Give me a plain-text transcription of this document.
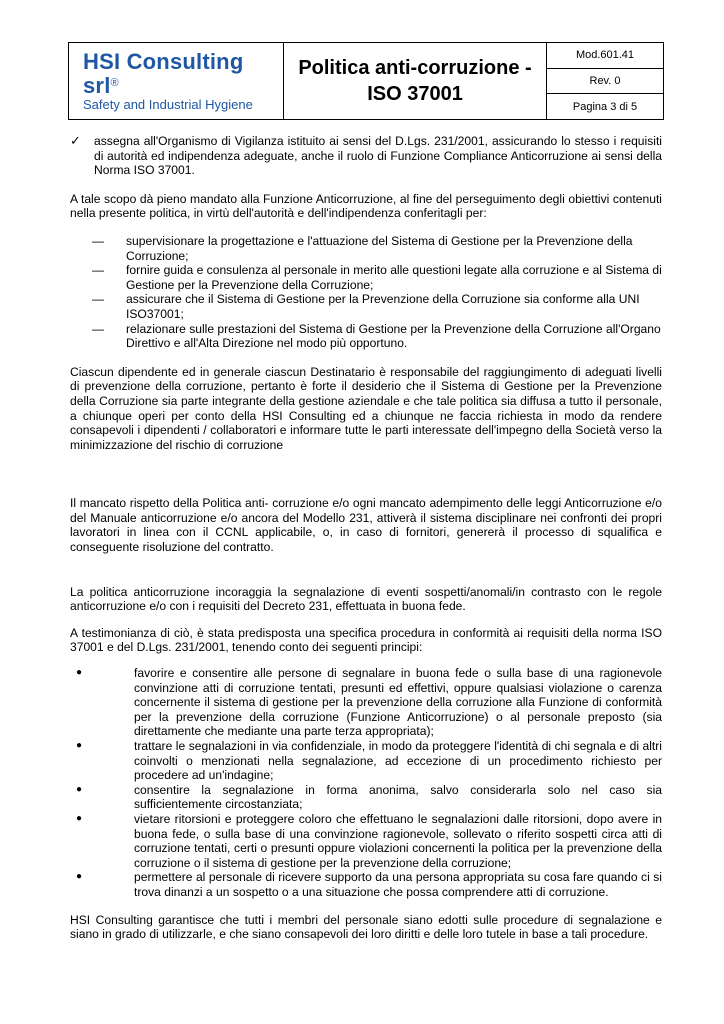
HSI Consulting srl®
Safety and Industrial Hygiene

Politica anti-corruzione -
ISO 37001
	Mod.601.41
Rev. 0
Pagina 3 di 5
✓	assegna all'Organismo di Vigilanza istituito ai sensi del D.Lgs. 231/2001, assicurando lo stesso i requisiti di autorità ed indipendenza adeguate, anche il ruolo di Funzione Compliance Anticorruzione ai sensi della Norma ISO 37001.

A tale scopo dà pieno mandato alla Funzione Anticorruzione, al fine del perseguimento degli obiettivi contenuti nella presente politica, in virtù dell'autorità e dell'indipendenza conferitagli per:

—	supervisionare la progettazione e l'attuazione del Sistema di Gestione per la Prevenzione della Corruzione;
—	fornire guida e consulenza al personale in merito alle questioni legate alla corruzione e al Sistema di Gestione per la Prevenzione della Corruzione;
—	assicurare che il Sistema di Gestione per la Prevenzione della Corruzione sia conforme alla UNI ISO37001;
—	relazionare sulle prestazioni del Sistema di Gestione per la Prevenzione della Corruzione all'Organo Direttivo e all'Alta Direzione nel modo più opportuno.

Ciascun dipendente ed in generale ciascun Destinatario è responsabile del raggiungimento di adeguati livelli di prevenzione della corruzione, pertanto è forte il desiderio che il Sistema di Gestione per la Prevenzione della Corruzione sia parte integrante della gestione aziendale e che tale politica sia diffusa a tutto il personale, a chiunque operi per conto della HSI Consulting ed a chiunque ne faccia richiesta in modo da rendere consapevoli i dipendenti / collaboratori e informare tutte le parti interessate dell'impegno della Società verso la minimizzazione del rischio di corruzione

Il mancato rispetto della Politica anti- corruzione e/o ogni mancato adempimento delle leggi Anticorruzione e/o del Manuale anticorruzione e/o ancora del Modello 231, attiverà il sistema disciplinare nei confronti dei propri lavoratori in linea con il CCNL applicabile, o, in caso di fornitori, genererà il processo di squalifica e conseguente risoluzione del contratto.

La politica anticorruzione incoraggia la segnalazione di eventi sospetti/anomali/in contrasto con le regole anticorruzione e/o con i requisiti del Decreto 231, effettuata in buona fede.

A testimonianza di ciò, è stata predisposta una specifica procedura in conformità ai requisiti della norma ISO 37001 e del D.Lgs. 231/2001, tenendo conto dei seguenti principi:

●	favorire e consentire alle persone di segnalare in buona fede o sulla base di una ragionevole convinzione atti di corruzione tentati, presunti ed effettivi, oppure qualsiasi violazione o carenza concernente il sistema di gestione per la prevenzione della corruzione alla Funzione di conformità per la prevenzione della corruzione (Funzione Anticorruzione) o al personale preposto (sia direttamente che mediante una parte terza appropriata);
●	trattare le segnalazioni in via confidenziale, in modo da proteggere l'identità di chi segnala e di altri coinvolti o menzionati nella segnalazione, ad eccezione di un procedimento richiesto per procedere ad un'indagine;
●	consentire la segnalazione in forma anonima, salvo considerarla solo nel caso sia sufficientemente circostanziata;
●	vietare ritorsioni e proteggere coloro che effettuano le segnalazioni dalle ritorsioni, dopo avere in buona fede, o sulla base di una convinzione ragionevole, sollevato o riferito sospetti circa atti di corruzione tentati, certi o presunti oppure violazioni concernenti la politica per la prevenzione della corruzione o il sistema di gestione per la prevenzione della corruzione;
●	permettere al personale di ricevere supporto da una persona appropriata su cosa fare quando ci si trova dinanzi a un sospetto o a una situazione che possa comprendere atti di corruzione.

HSI Consulting garantisce che tutti i membri del personale siano edotti sulle procedure di segnalazione e siano in grado di utilizzarle, e che siano consapevoli dei loro diritti e delle loro tutele in base a tali procedure.
